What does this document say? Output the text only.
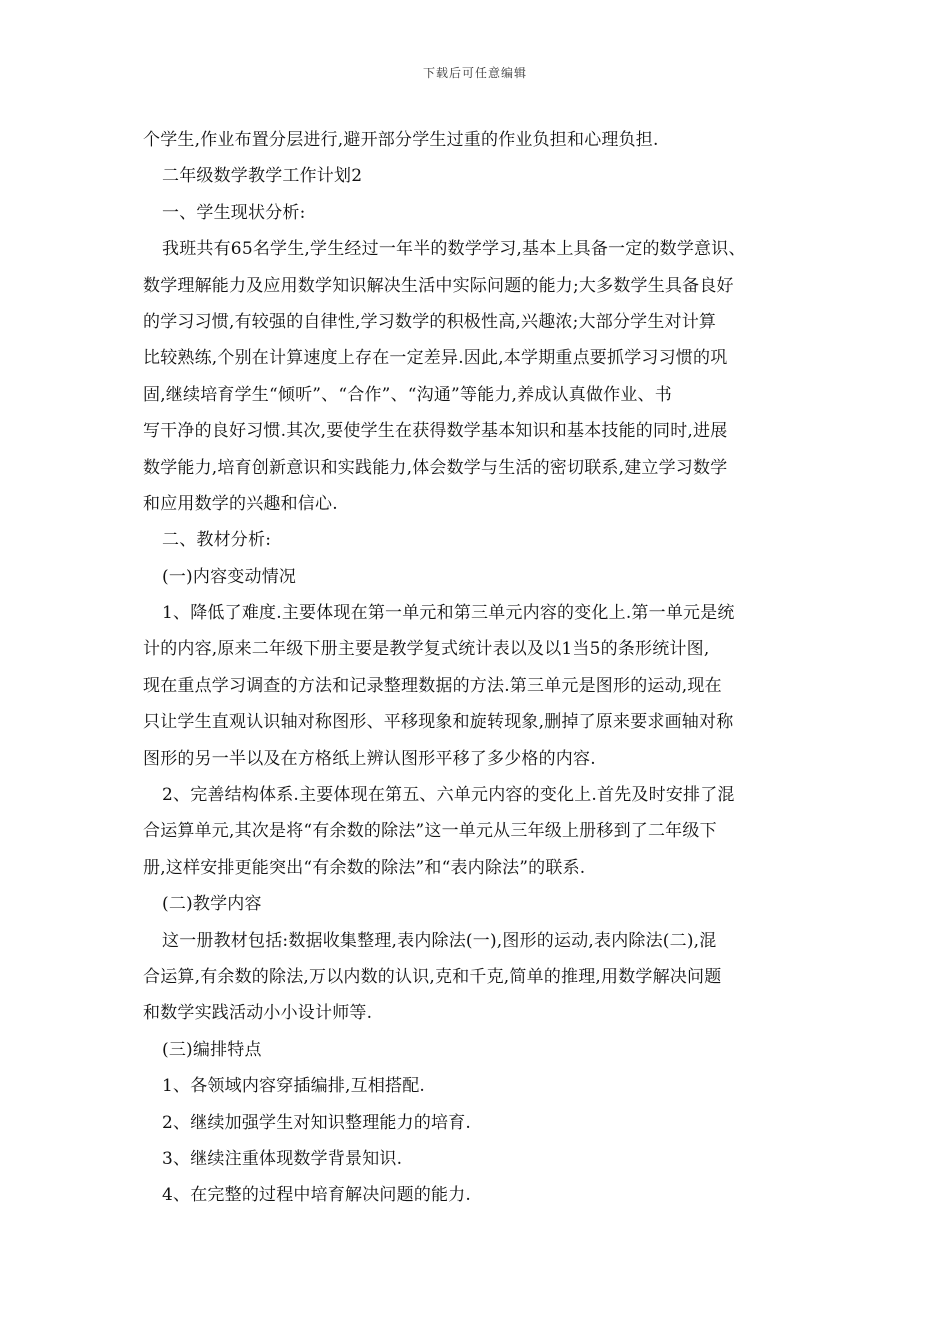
下载后可任意编辑
个学生,作业布置分层进行,避开部分学生过重的作业负担和心理负担.
二年级数学教学工作计划2
一、学生现状分析:
我班共有65名学生,学生经过一年半的数学学习,基本上具备一定的数学意识、
数学理解能力及应用数学知识解决生活中实际问题的能力;大多数学生具备良好
的学习习惯,有较强的自律性,学习数学的积极性高,兴趣浓;大部分学生对计算
比较熟练,个别在计算速度上存在一定差异.因此,本学期重点要抓学习习惯的巩
固,继续培育学生“倾听”、“合作”、“沟通”等能力,养成认真做作业、书
写干净的良好习惯.其次,要使学生在获得数学基本知识和基本技能的同时,进展
数学能力,培育创新意识和实践能力,体会数学与生活的密切联系,建立学习数学
和应用数学的兴趣和信心.
二、教材分析:
(一)内容变动情况
1、降低了难度.主要体现在第一单元和第三单元内容的变化上.第一单元是统
计的内容,原来二年级下册主要是教学复式统计表以及以1当5的条形统计图,
现在重点学习调查的方法和记录整理数据的方法.第三单元是图形的运动,现在
只让学生直观认识轴对称图形、平移现象和旋转现象,删掉了原来要求画轴对称
图形的另一半以及在方格纸上辨认图形平移了多少格的内容.
2、完善结构体系.主要体现在第五、六单元内容的变化上.首先及时安排了混
合运算单元,其次是将“有余数的除法”这一单元从三年级上册移到了二年级下
册,这样安排更能突出“有余数的除法”和“表内除法”的联系.
(二)教学内容
这一册教材包括:数据收集整理,表内除法(一),图形的运动,表内除法(二),混
合运算,有余数的除法,万以内数的认识,克和千克,简单的推理,用数学解决问题
和数学实践活动小小设计师等.
(三)编排特点
1、各领域内容穿插编排,互相搭配.
2、继续加强学生对知识整理能力的培育.
3、继续注重体现数学背景知识.
4、在完整的过程中培育解决问题的能力.
